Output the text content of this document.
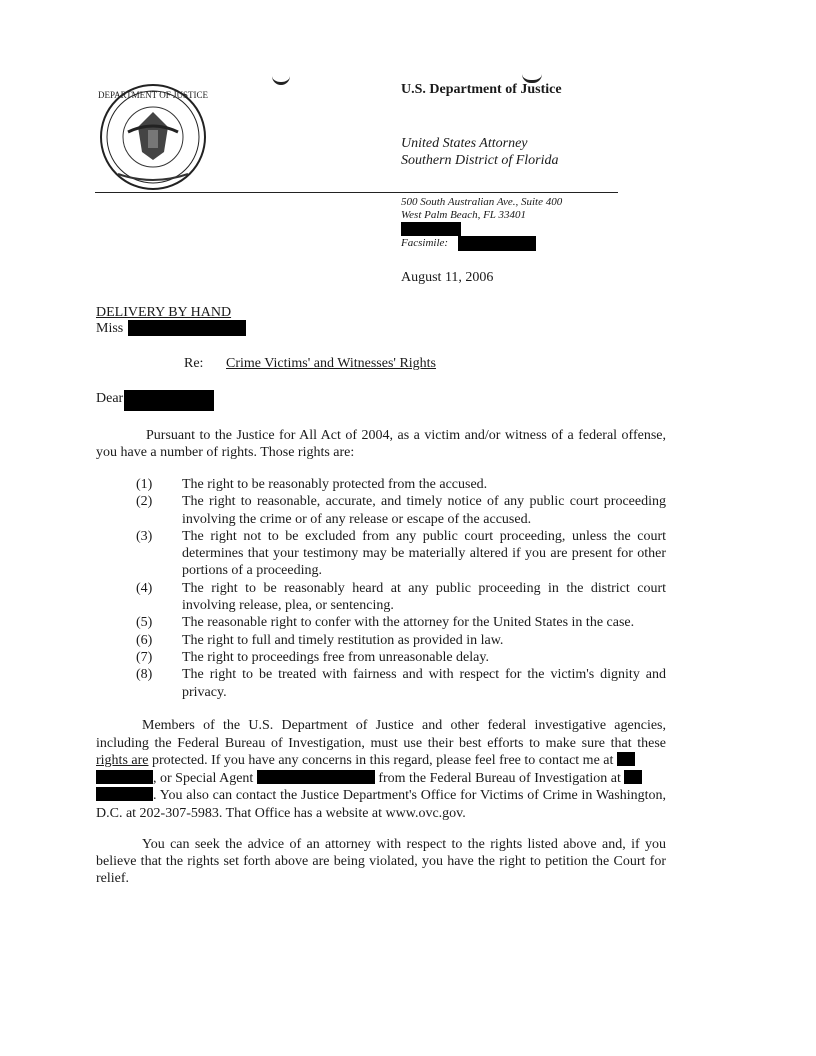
DEPARTMENT OF JUSTICE	U.S. Department of Justice
United States Attorney
Southern District of Florida
500 South Australian Ave., Suite 400
West Palm Beach, FL 33401
Facsimile:
August 11, 2006
DELIVERY BY HAND
Miss
Re: Crime Victims' and Witnesses' Rights
Dear
Pursuant to the Justice for All Act of 2004, as a victim and/or witness of a federal offense, you have a number of rights. Those rights are:
(1)	The right to be reasonably protected from the accused.
(2)	The right to reasonable, accurate, and timely notice of any public court proceeding involving the crime or of any release or escape of the accused.
(3)	The right not to be excluded from any public court proceeding, unless the court determines that your testimony may be materially altered if you are present for other portions of a proceeding.
(4)	The right to be reasonably heard at any public proceeding in the district court involving release, plea, or sentencing.
(5)	The reasonable right to confer with the attorney for the United States in the case.
(6)	The right to full and timely restitution as provided in law.
(7)	The right to proceedings free from unreasonable delay.
(8)	The right to be treated with fairness and with respect for the victim's dignity and privacy.
Members of the U.S. Department of Justice and other federal investigative agencies, including the Federal Bureau of Investigation, must use their best efforts to make sure that these rights are protected. If you have any concerns in this regard, please feel free to contact me at
, or Special Agent	from the Federal Bureau of Investigation at
. You also can contact the Justice Department's Office for Victims of Crime in Washington, D.C. at 202-307-5983. That Office has a website at www.ovc.gov.
You can seek the advice of an attorney with respect to the rights listed above and, if you believe that the rights set forth above are being violated, you have the right to petition the Court for relief.
